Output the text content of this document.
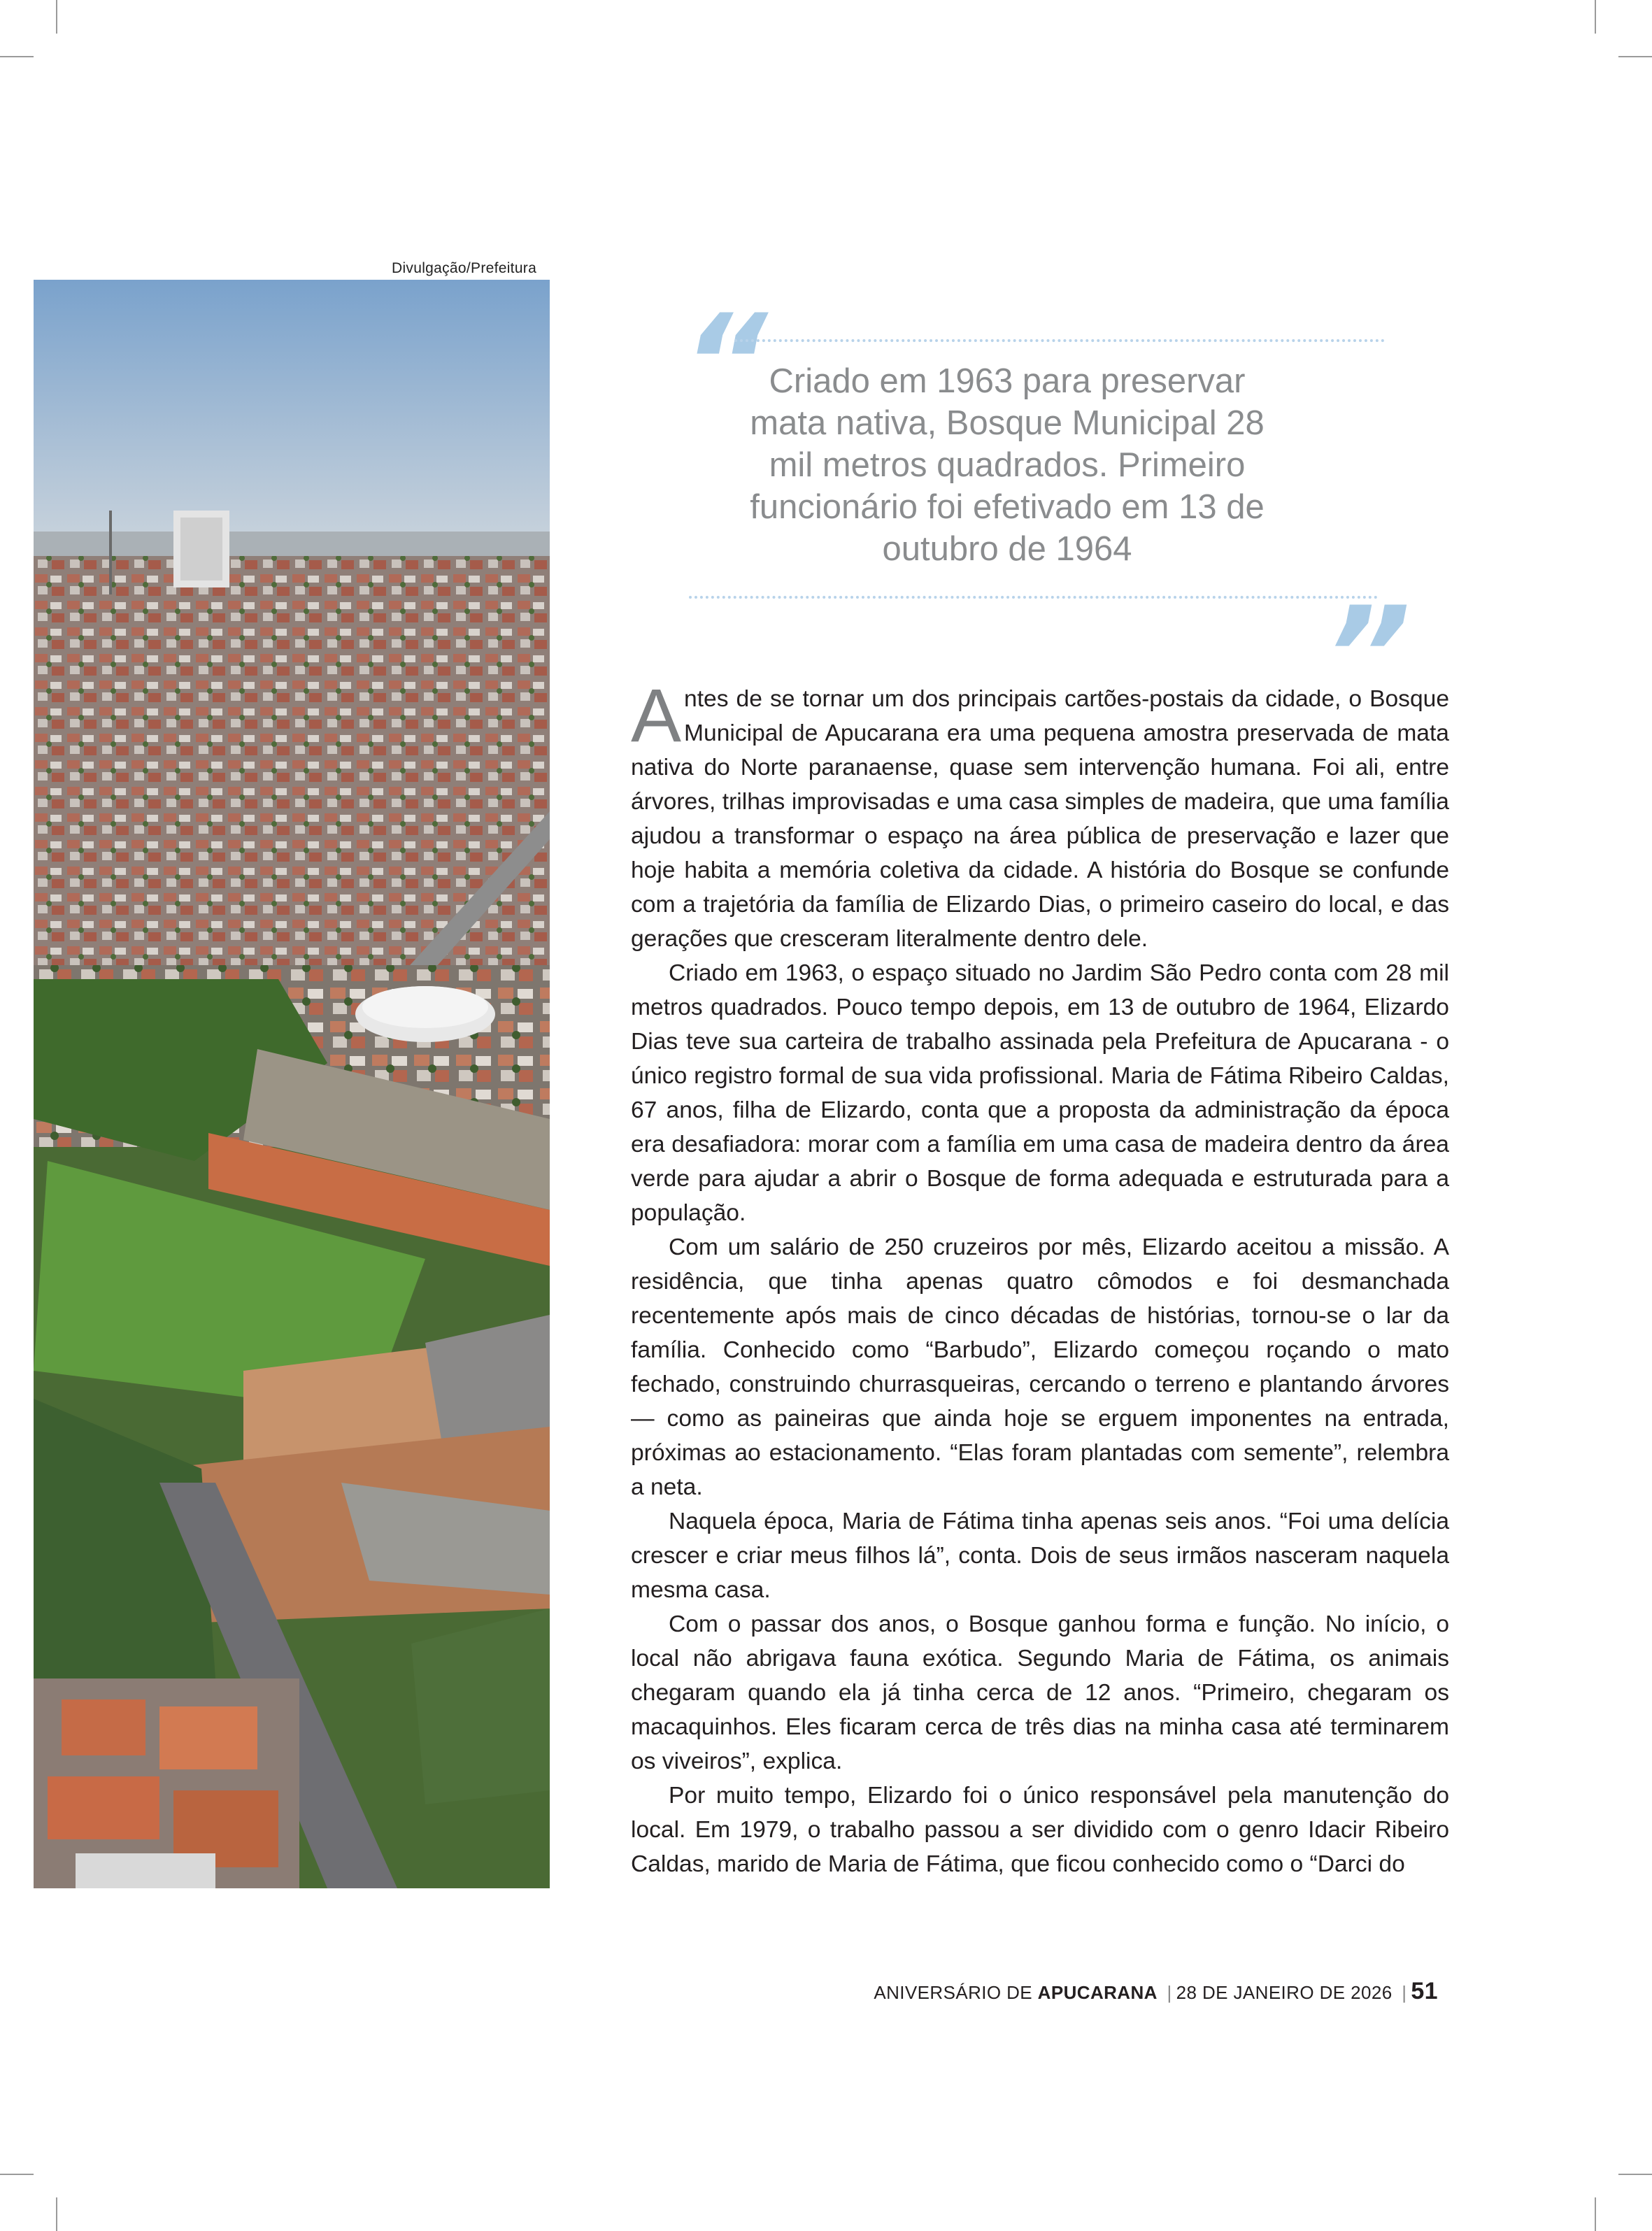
Divulgação/Prefeitura
“ Criado em 1963 para preservar mata nativa, Bosque Municipal 28 mil metros quadrados. Primeiro funcionário foi efetivado em 13 de outubro de 1964

”

Antes de se tornar um dos principais cartões-postais da cidade, o Bosque Municipal de Apucarana era uma pequena amostra preservada de mata nativa do Norte paranaense, quase sem intervenção humana. Foi ali, entre árvores, trilhas improvisadas e uma casa simples de madeira, que uma família ajudou a transformar o espaço na área pública de preservação e lazer que hoje habita a memória coletiva da cidade. A história do Bosque se confunde com a trajetória da família de Elizardo Dias, o primeiro caseiro do local, e das gerações que cresceram literalmente dentro dele.

Criado em 1963, o espaço situado no Jardim São Pedro conta com 28 mil metros quadrados. Pouco tempo depois, em 13 de outubro de 1964, Elizardo Dias teve sua carteira de trabalho assinada pela Prefeitura de Apucarana - o único registro formal de sua vida profissional. Maria de Fátima Ribeiro Caldas, 67 anos, filha de Elizardo, conta que a proposta da administração da época era desafiadora: morar com a família em uma casa de madeira dentro da área verde para ajudar a abrir o Bosque de forma adequada e estruturada para a população.

Com um salário de 250 cruzeiros por mês, Elizardo aceitou a missão. A residência, que tinha apenas quatro cômodos e foi desmanchada recentemente após mais de cinco décadas de histórias, tornou-se o lar da família. Conhecido como “Barbudo”, Elizardo começou roçando o mato fechado, construindo churrasqueiras, cercando o terreno e plantando árvores — como as paineiras que ainda hoje se erguem imponentes na entrada, próximas ao estacionamento. “Elas foram plantadas com semente”, relembra a neta.

Naquela época, Maria de Fátima tinha apenas seis anos. “Foi uma delícia crescer e criar meus filhos lá”, conta. Dois de seus irmãos nasceram naquela mesma casa.

Com o passar dos anos, o Bosque ganhou forma e função. No início, o local não abrigava fauna exótica. Segundo Maria de Fátima, os animais chegaram quando ela já tinha cerca de 12 anos. “Primeiro, chegaram os macaquinhos. Eles ficaram cerca de três dias na minha casa até terminarem os viveiros”, explica.

Por muito tempo, Elizardo foi o único responsável pela manutenção do local. Em 1979, o trabalho passou a ser dividido com o genro Idacir Ribeiro Caldas, marido de Maria de Fátima, que ficou conhecido como o “Darci do

ANIVERSÁRIO DE APUCARANA | 28 DE JANEIRO DE 2026 | 51
